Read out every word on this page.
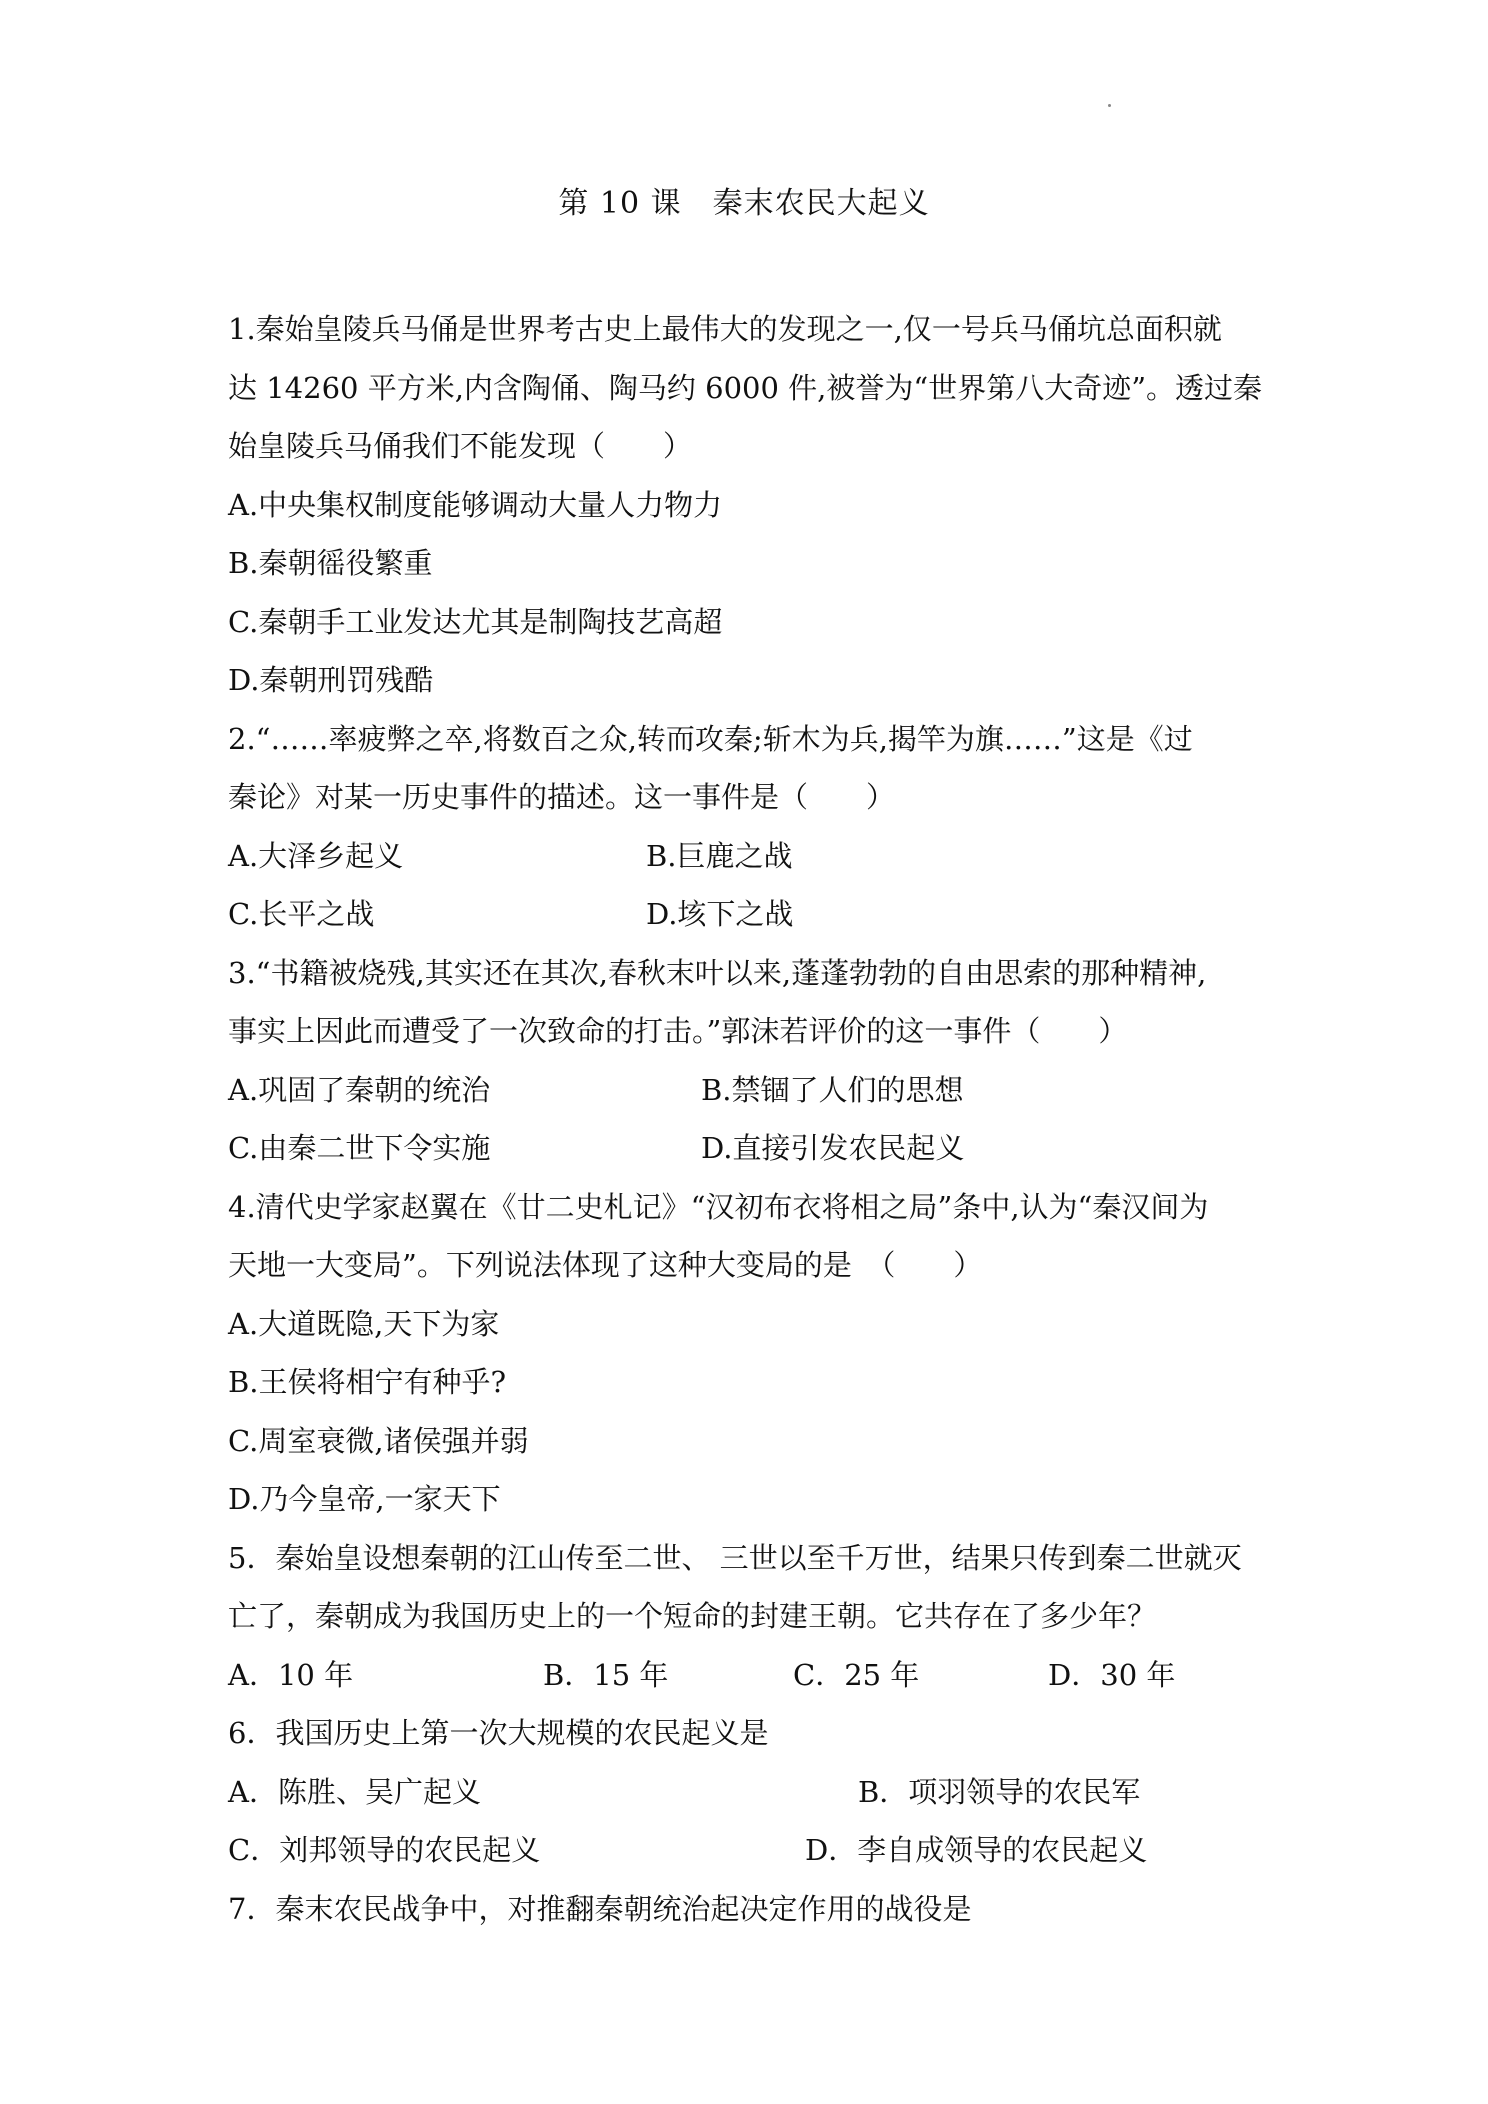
第 10 课　秦末农民大起义
1.秦始皇陵兵马俑是世界考古史上最伟大的发现之一,仅一号兵马俑坑总面积就
达 14260 平方米,内含陶俑、陶马约 6000 件,被誉为“世界第八大奇迹”。透过秦
始皇陵兵马俑我们不能发现（　　）
A.中央集权制度能够调动大量人力物力
B.秦朝徭役繁重
C.秦朝手工业发达尤其是制陶技艺高超
D.秦朝刑罚残酷
2.“……率疲弊之卒,将数百之众,转而攻秦;斩木为兵,揭竿为旗……”这是《过
秦论》对某一历史事件的描述。这一事件是（　　）
A.大泽乡起义	B.巨鹿之战
C.长平之战	D.垓下之战
3.“书籍被烧残,其实还在其次,春秋末叶以来,蓬蓬勃勃的自由思索的那种精神,
事实上因此而遭受了一次致命的打击。”郭沫若评价的这一事件（　　）
A.巩固了秦朝的统治	B.禁锢了人们的思想
C.由秦二世下令实施	D.直接引发农民起义
4.清代史学家赵翼在《廿二史札记》“汉初布衣将相之局”条中,认为“秦汉间为
天地一大变局”。下列说法体现了这种大变局的是　（　　）
A.大道既隐,天下为家
B.王侯将相宁有种乎?
C.周室衰微,诸侯强并弱
D.乃今皇帝,一家天下
5．秦始皇设想秦朝的江山传至二世、 三世以至千万世，结果只传到秦二世就灭
亡了，秦朝成为我国历史上的一个短命的封建王朝。它共存在了多少年？
A．10 年	B．15 年	C．25 年	D．30 年
6．我国历史上第一次大规模的农民起义是
A．陈胜、吴广起义	B．项羽领导的农民军
C．刘邦领导的农民起义	D．李自成领导的农民起义
7．秦末农民战争中，对推翻秦朝统治起决定作用的战役是
